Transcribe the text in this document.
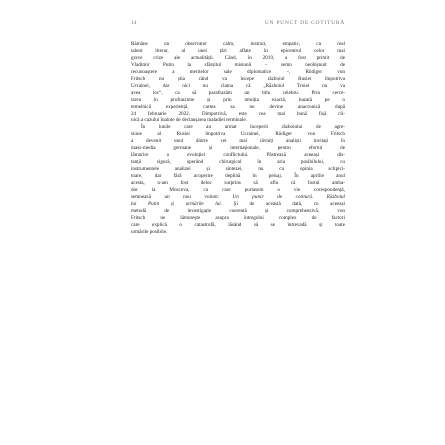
14	UN PUNCT DE COTITURĂ

Rămâne un observator calm, instruit, empatic, cu real

talent literar, al unei țări aflate în epicentrul celor mai

grave crize ale actualității. Când, în 2019, a fost primit de

Vladimir Putin la sfârșitul misiunii – semn neobișnuit de

recunoaștere a meritelor sale diplomatice –, Rüdiger von

Fritsch nu știa când va începe războiul Rusiei împotriva

Ucrainei, dar nici nu clama că „Războiul Troiei nu va

avea loc“, ca să parafrazăm un titlu celebru. Prin cerce-

tarea în profunzime și prin intuiția exactă, bazată pe o

temeinică experiență, cartea sa nu devine anacronică după

24 februarie 2022. Dimpotrivă, este cea mai bună fișă cli-

nică a cazului înainte de declanșarea maladiei terminale.

În lunile care au urmat începerii războiului de agre-

siune al Rusiei împotriva Ucrainei, Rüdiger von Fritsch

a devenit unul dintre cei mai râvniți analiști invitați în

mass-media germane și internaționale, pentru efortul de

lămurire a evoluției conflictului. Păstrează aceeași dis-

tanță sigură, operând chirurgical în aria posibilului, cu

instrumentele analizei și sintezei, nu cu opinia sclipici-

toare, dar fără acoperire deplină în peisaj. În aprilie anul

acesta, n-am fost deloc surprins să aflu că fostul amba-

dor la Moscova, cu care purtasem o vie corespondență,

semnează un nou volum: Un punct de cotitură. Războiul

lui Putin și urmările lui. Și de această dată, cu aceeași

metodă de investigație coerentă și comprehensivă, von

Fritsch ne lămurește asupra întregului complex de factori

care explică o catastrofă, lăsând să se întrevadă și toate

urmările posibile.
